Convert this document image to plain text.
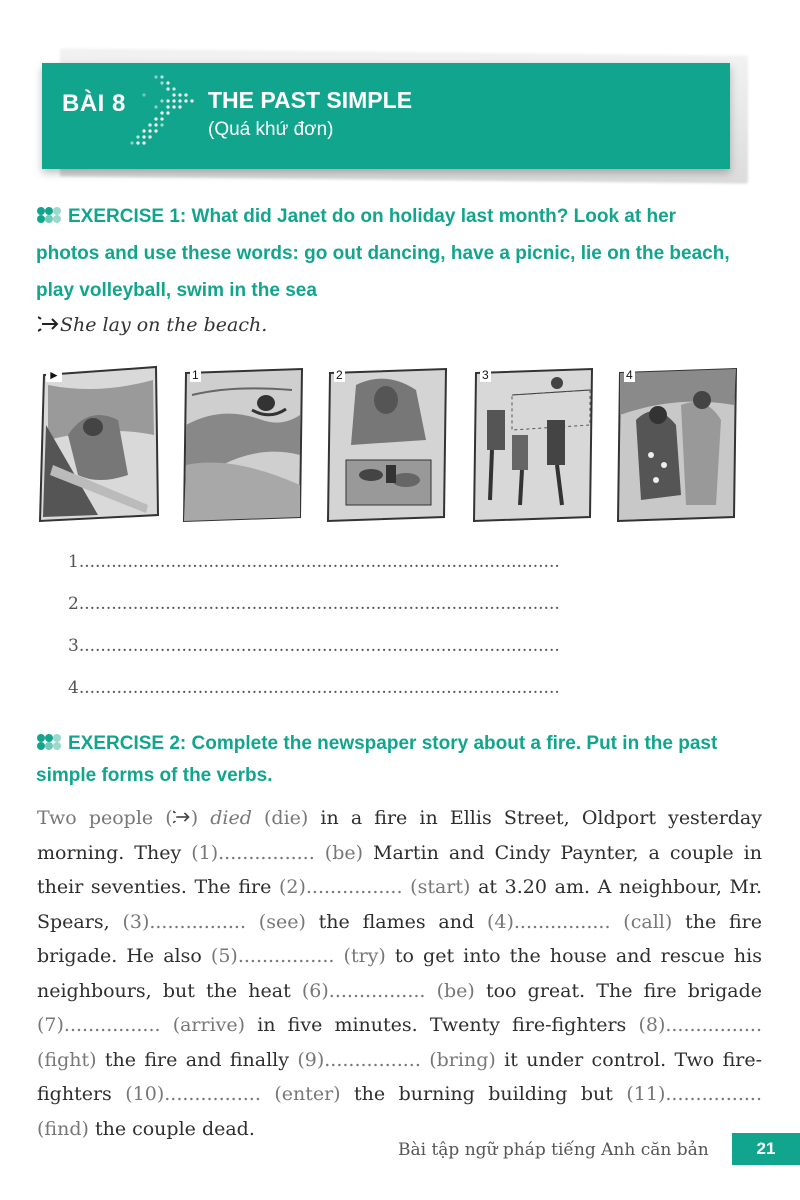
BÀI 8	THE PAST SIMPLE
(Quá khứ đơn)
EXERCISE 1: What did Janet do on holiday last month? Look at her
photos and use these words: go out dancing, have a picnic, lie on the beach,
play volleyball, swim in the sea
She lay on the beach.
►	1	2	3	4
1.........................................................................................
2.........................................................................................
3.........................................................................................
4.........................................................................................
EXERCISE 2: Complete the newspaper story about a fire. Put in the past
simple forms of the verbs.
Two people ( ) died (die) in a fire in Ellis Street, Oldport yesterday morning. They (1)................ (be) Martin and Cindy Paynter, a couple in their seventies. The fire (2)................ (start) at 3.20 am. A neighbour, Mr. Spears, (3)................ (see) the flames and (4)................ (call) the fire brigade. He also (5)................ (try) to get into the house and rescue his neighbours, but the heat (6)................ (be) too great. The fire brigade (7)................ (arrive) in five minutes. Twenty fire-fighters (8)................ (fight) the fire and finally (9)................ (bring) it under control. Two fire-fighters (10)................ (enter) the burning building but (11)................(find) the couple dead.
Bài tập ngữ pháp tiếng Anh căn bản	21
